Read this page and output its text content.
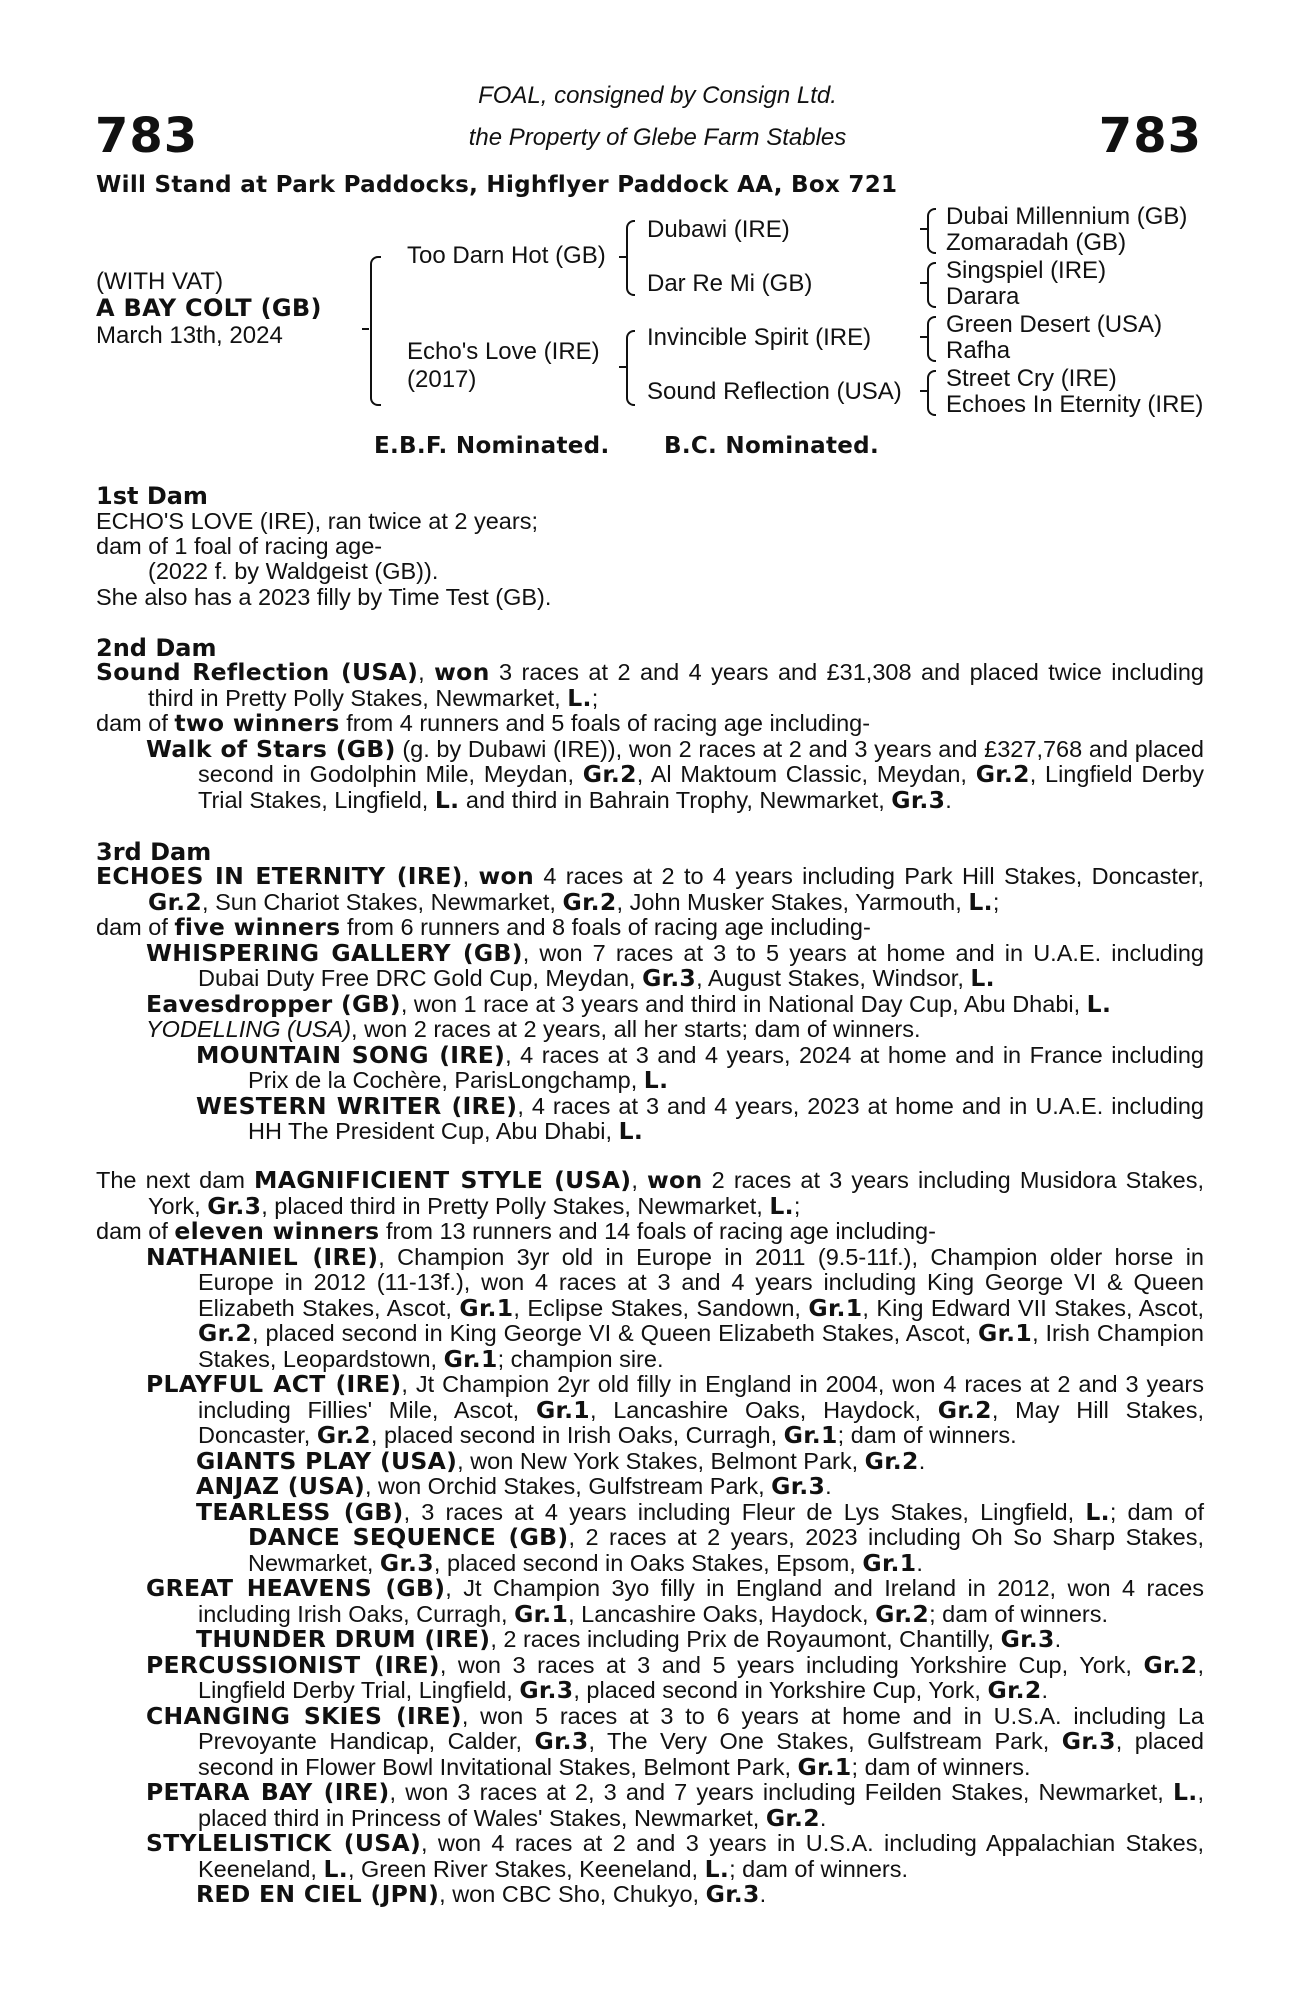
783	783
FOAL, consigned by Consign Ltd.
the Property of Glebe Farm Stables
Will Stand at Park Paddocks, Highflyer Paddock AA, Box 721
(WITH VAT)
A BAY COLT (GB)
March 13th, 2024
Too Darn Hot (GB)
Echo's Love (IRE)
(2017)
Dubawi (IRE)
Dar Re Mi (GB)
Invincible Spirit (IRE)
Sound Reflection (USA)
Dubai Millennium (GB)
Zomaradah (GB)
Singspiel (IRE)
Darara
Green Desert (USA)
Rafha
Street Cry (IRE)
Echoes In Eternity (IRE)
E.B.F. Nominated. B.C. Nominated.
1st Dam
ECHO'S LOVE (IRE), ran twice at 2 years;
dam of 1 foal of racing age-
(2022 f. by Waldgeist (GB)).
She also has a 2023 filly by Time Test (GB).
2nd Dam

Sound Reflection (USA), won 3 races at 2 and 4 years and £31,308 and placed twice including third in Pretty Polly Stakes, Newmarket, L.;

dam of two winners from 4 runners and 5 foals of racing age including-

Walk of Stars (GB) (g. by Dubawi (IRE)), won 2 races at 2 and 3 years and £327,768 and placed second in Godolphin Mile, Meydan, Gr.2, Al Maktoum Classic, Meydan, Gr.2, Lingfield Derby Trial Stakes, Lingfield, L. and third in Bahrain Trophy, Newmarket, Gr.3.

3rd Dam

ECHOES IN ETERNITY (IRE), won 4 races at 2 to 4 years including Park Hill Stakes, Doncaster, Gr.2, Sun Chariot Stakes, Newmarket, Gr.2, John Musker Stakes, Yarmouth, L.;

dam of five winners from 6 runners and 8 foals of racing age including-

WHISPERING GALLERY (GB), won 7 races at 3 to 5 years at home and in U.A.E. including Dubai Duty Free DRC Gold Cup, Meydan, Gr.3, August Stakes, Windsor, L.

Eavesdropper (GB), won 1 race at 3 years and third in National Day Cup, Abu Dhabi, L.

YODELLING (USA), won 2 races at 2 years, all her starts; dam of winners.

MOUNTAIN SONG (IRE), 4 races at 3 and 4 years, 2024 at home and in France including Prix de la Cochère, ParisLongchamp, L.

WESTERN WRITER (IRE), 4 races at 3 and 4 years, 2023 at home and in U.A.E. including HH The President Cup, Abu Dhabi, L.

The next dam MAGNIFICIENT STYLE (USA), won 2 races at 3 years including Musidora Stakes, York, Gr.3, placed third in Pretty Polly Stakes, Newmarket, L.;

dam of eleven winners from 13 runners and 14 foals of racing age including-

NATHANIEL (IRE), Champion 3yr old in Europe in 2011 (9.5-11f.), Champion older horse in Europe in 2012 (11-13f.), won 4 races at 3 and 4 years including King George VI & Queen Elizabeth Stakes, Ascot, Gr.1, Eclipse Stakes, Sandown, Gr.1, King Edward VII Stakes, Ascot, Gr.2, placed second in King George VI & Queen Elizabeth Stakes, Ascot, Gr.1, Irish Champion Stakes, Leopardstown, Gr.1; champion sire.

PLAYFUL ACT (IRE), Jt Champion 2yr old filly in England in 2004, won 4 races at 2 and 3 years including Fillies' Mile, Ascot, Gr.1, Lancashire Oaks, Haydock, Gr.2, May Hill Stakes, Doncaster, Gr.2, placed second in Irish Oaks, Curragh, Gr.1; dam of winners.

GIANTS PLAY (USA), won New York Stakes, Belmont Park, Gr.2.

ANJAZ (USA), won Orchid Stakes, Gulfstream Park, Gr.3.

TEARLESS (GB), 3 races at 4 years including Fleur de Lys Stakes, Lingfield, L.; dam of DANCE SEQUENCE (GB), 2 races at 2 years, 2023 including Oh So Sharp Stakes, Newmarket, Gr.3, placed second in Oaks Stakes, Epsom, Gr.1.

GREAT HEAVENS (GB), Jt Champion 3yo filly in England and Ireland in 2012, won 4 races including Irish Oaks, Curragh, Gr.1, Lancashire Oaks, Haydock, Gr.2; dam of winners.

THUNDER DRUM (IRE), 2 races including Prix de Royaumont, Chantilly, Gr.3.

PERCUSSIONIST (IRE), won 3 races at 3 and 5 years including Yorkshire Cup, York, Gr.2, Lingfield Derby Trial, Lingfield, Gr.3, placed second in Yorkshire Cup, York, Gr.2.

CHANGING SKIES (IRE), won 5 races at 3 to 6 years at home and in U.S.A. including La Prevoyante Handicap, Calder, Gr.3, The Very One Stakes, Gulfstream Park, Gr.3, placed second in Flower Bowl Invitational Stakes, Belmont Park, Gr.1; dam of winners.

PETARA BAY (IRE), won 3 races at 2, 3 and 7 years including Feilden Stakes, Newmarket, L., placed third in Princess of Wales' Stakes, Newmarket, Gr.2.

STYLELISTICK (USA), won 4 races at 2 and 3 years in U.S.A. including Appalachian Stakes, Keeneland, L., Green River Stakes, Keeneland, L.; dam of winners.

RED EN CIEL (JPN), won CBC Sho, Chukyo, Gr.3.
